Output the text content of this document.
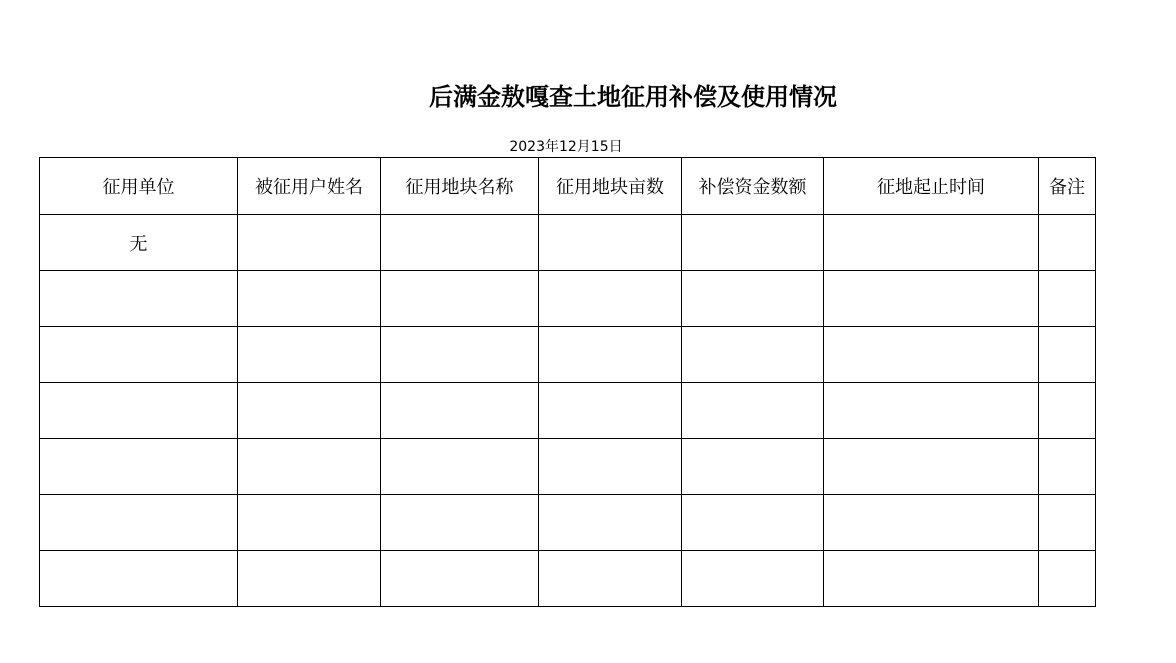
后满金敖嘎查土地征用补偿及使用情况
2023年12月15日
征用单位	被征用户姓名	征用地块名称	征用地块亩数	补偿资金数额	征地起止时间	备注
无						
